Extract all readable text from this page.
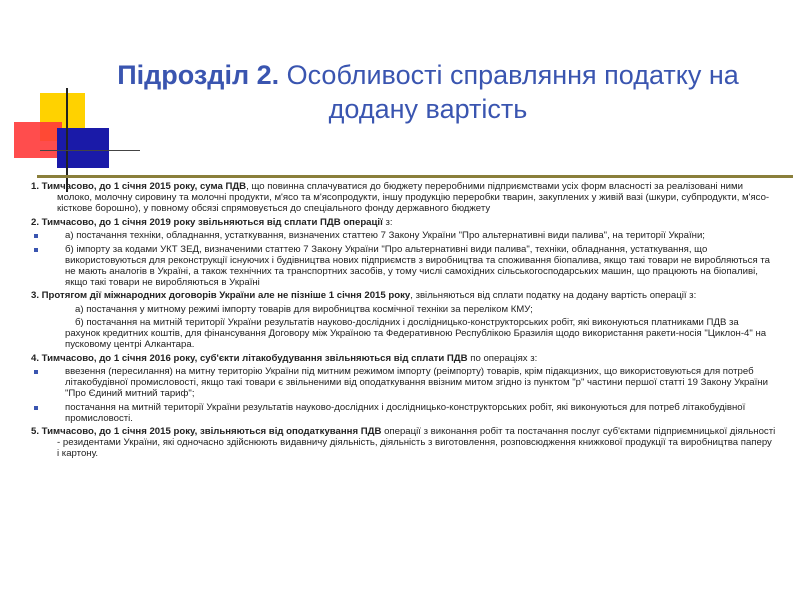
Підрозділ 2. Особливості справляння податку на додану вартість

1. Тимчасово, до 1 січня 2015 року, сума ПДВ, що повинна сплачуватися до бюджету переробними підприємствами усіх форм власності за реалізовані ними молоко, молочну сировину та молочні продукти, м'ясо та м'ясопродукти, іншу продукцію переробки тварин, закуплених у живій вазі (шкури, субпродукти, м'ясо-кісткове борошно), у повному обсязі спрямовується до спеціального фонду державного бюджету

2. Тимчасово, до 1 січня 2019 року звільняються від сплати ПДВ операції з:

а) постачання техніки, обладнання, устаткування, визначених статтею 7 Закону України "Про альтернативні види палива", на території України;

б) імпорту за кодами УКТ ЗЕД, визначеними статтею 7 Закону України "Про альтернативні види палива", техніки, обладнання, устаткування, що використовуються для реконструкції існуючих і будівництва нових підприємств з виробництва та споживання біопалива, якщо такі товари не виробляються та не мають аналогів в Україні, а також технічних та транспортних засобів, у тому числі самохідних сільськогосподарських машин, що працюють на біопаливі, якщо такі товари не виробляються в Україні

3. Протягом дії міжнародних договорів України але не пізніше 1 січня 2015 року, звільняються від сплати податку на додану вартість операції з:

а) постачання у митному режимі імпорту товарів для виробництва космічної техніки за переліком КМУ;

б) постачання на митній території України результатів науково-дослідних і дослідницько-конструкторських робіт, які виконуються платниками ПДВ за рахунок кредитних коштів, для фінансування Договору між Україною та Федеративною Республікою Бразилія щодо використання ракети-носія "Циклон-4" на пусковому центрі Алкантара.

4. Тимчасово, до 1 січня 2016 року, суб'єкти літакобудування звільняються від сплати ПДВ по операціях з:

ввезення (пересилання) на митну територію України під митним режимом імпорту (реімпорту) товарів, крім підакцизних, що використовуються для потреб літакобудівної промисловості, якщо такі товари є звільненими від оподаткування ввізним митом згідно із пунктом "р" частини першої статті 19 Закону України "Про Єдиний митний тариф";

постачання на митній території України результатів науково-дослідних і дослідницько-конструкторських робіт, які виконуються для потреб літакобудівної промисловості.

5. Тимчасово, до 1 січня 2015 року, звільняються від оподаткування ПДВ операції з виконання робіт та постачання послуг суб'єктами підприємницької діяльності - резидентами України, які одночасно здійснюють видавничу діяльність, діяльність з виготовлення, розповсюдження книжкової продукції та виробництва паперу і картону.
